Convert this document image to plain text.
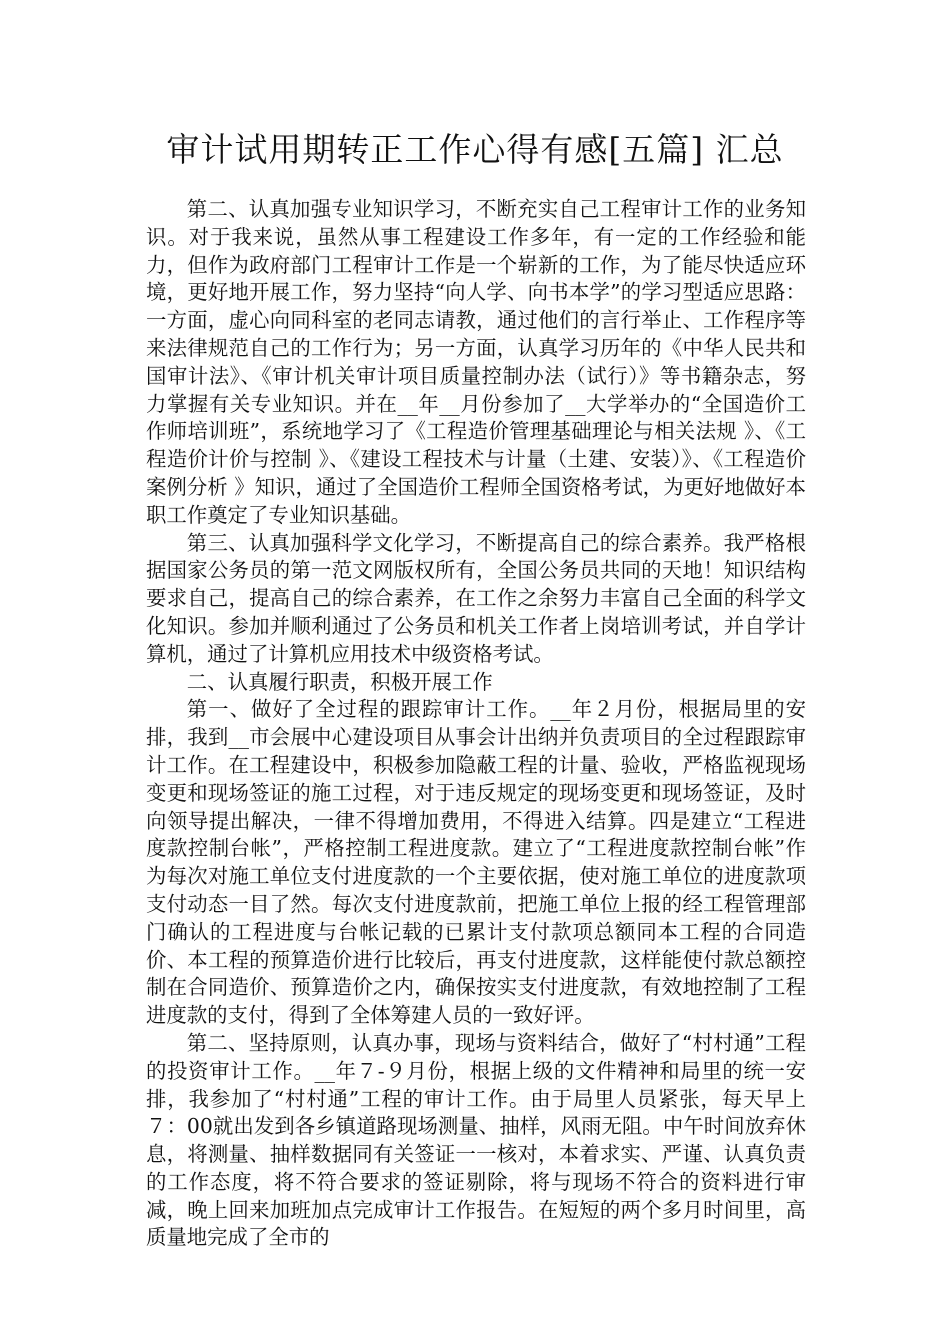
审计试用期转正工作心得有感[五篇] 汇总

第二、认真加强专业知识学习，不断充实自己工程审计工作的业务知识。对于我来说，虽然从事工程建设工作多年，有一定的工作经验和能力，但作为政府部门工程审计工作是一个崭新的工作，为了能尽快适应环境，更好地开展工作，努力坚持“向人学、向书本学”的学习型适应思路：一方面，虚心向同科室的老同志请教，通过他们的言行举止、工作程序等来法律规范自己的工作行为；另一方面，认真学习历年的《中华人民共和国审计法》、《审计机关审计项目质量控制办法（试行）》等书籍杂志，努力掌握有关专业知识。并在__年__月份参加了__大学举办的“全国造价工作师培训班”，系统地学习了《工程造价管理基础理论与相关法规 》、《工程造价计价与控制 》、《建设工程技术与计量（土建、安装）》、《工程造价案例分析 》知识，通过了全国造价工程师全国资格考试，为更好地做好本职工作奠定了专业知识基础。

第三、认真加强科学文化学习，不断提高自己的综合素养。我严格根据国家公务员的第一范文网版权所有，全国公务员共同的天地！知识结构要求自己，提高自己的综合素养，在工作之余努力丰富自己全面的科学文化知识。参加并顺利通过了公务员和机关工作者上岗培训考试，并自学计算机，通过了计算机应用技术中级资格考试。

二、认真履行职责，积极开展工作

第一、做好了全过程的跟踪审计工作。__年２月份，根据局里的安排，我到__市会展中心建设项目从事会计出纳并负责项目的全过程跟踪审计工作。在工程建设中，积极参加隐蔽工程的计量、验收，严格监视现场变更和现场签证的施工过程，对于违反规定的现场变更和现场签证，及时向领导提出解决，一律不得增加费用，不得进入结算。四是建立“工程进度款控制台帐”，严格控制工程进度款。建立了“工程进度款控制台帐”作为每次对施工单位支付进度款的一个主要依据，使对施工单位的进度款项支付动态一目了然。每次支付进度款前，把施工单位上报的经工程管理部门确认的工程进度与台帐记载的已累计支付款项总额同本工程的合同造价、本工程的预算造价进行比较后，再支付进度款，这样能使付款总额控制在合同造价、预算造价之内，确保按实支付进度款，有效地控制了工程进度款的支付，得到了全体筹建人员的一致好评。

第二、坚持原则，认真办事，现场与资料结合，做好了“村村通”工程的投资审计工作。__年７-９月份，根据上级的文件精神和局里的统一安排，我参加了“村村通”工程的审计工作。由于局里人员紧张，每天早上７：00就出发到各乡镇道路现场测量、抽样，风雨无阻。中午时间放弃休息，将测量、抽样数据同有关签证一一核对，本着求实、严谨、认真负责的工作态度，将不符合要求的签证剔除，将与现场不符合的资料进行审减，晚上回来加班加点完成审计工作报告。在短短的两个多月时间里，高质量地完成了全市的
